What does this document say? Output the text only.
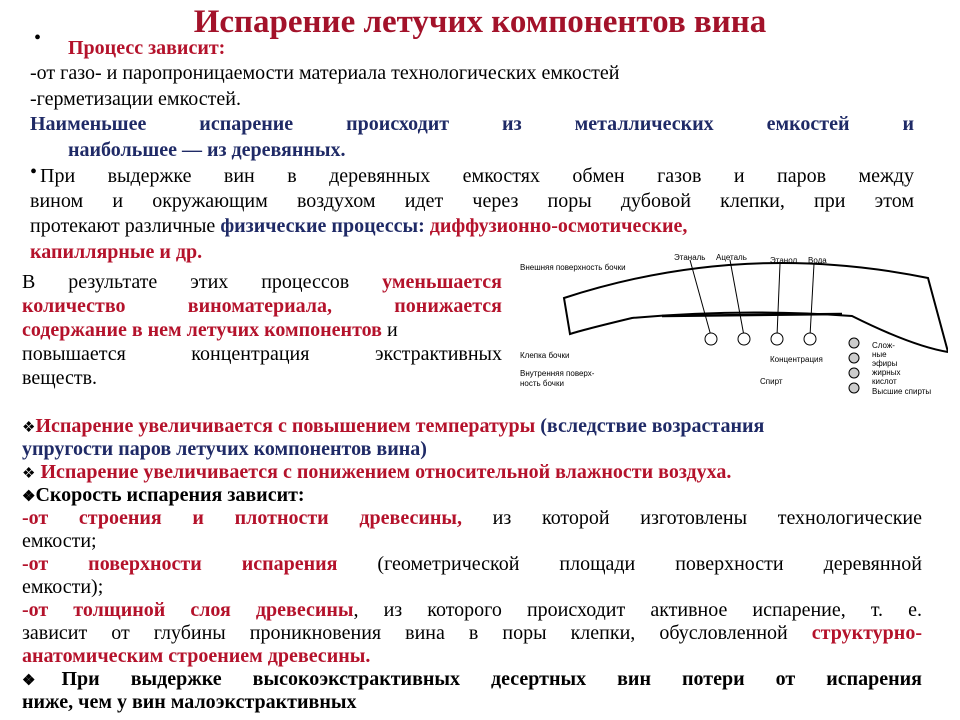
Испарение летучих компонентов вина
• Процесс зависит:
-от газо- и паропроницаемости материала технологических емкостей
-герметизации емкостей.
Наименьшее испарение происходит из металлических емкостей и
наибольшее — из деревянных.
• При выдержке вин в деревянных емкостях обмен газов и паров между
вином и окружающим воздухом идет через поры дубовой клепки, при этом
протекают различные физические процессы: диффузионно-осмотические,
капиллярные и др.
В результате этих процессов уменьшается
количество виноматериала, понижается
содержание в нем летучих компонентов и
повышается концентрация экстрактивных
веществ.
Внешняя поверхность бочки
Этаналь Ацеталь	Этанол Вода
Клепка бочки
Внутренняя поверх-
ность бочки
Концентрация
Спирт
Слож-
ные
эфиры
жирных
кислот
Высшие спирты
❖Испарение увеличивается с повышением температуры (вследствие возрастания
упругости паров летучих компонентов вина)
❖ Испарение увеличивается с понижением относительной влажности воздуха.
❖Скорость испарения зависит:
-от строения и плотности древесины, из которой изготовлены технологические
емкости;
-от поверхности испарения (геометрической площади поверхности деревянной
емкости);
-от толщиной слоя древесины, из которого происходит активное испарение, т. е.
зависит от глубины проникновения вина в поры клепки, обусловленной структурно-
анатомическим строением древесины.
❖При выдержке высокоэкстрактивных десертных вин потери от испарения
ниже, чем у вин малоэкстрактивных
